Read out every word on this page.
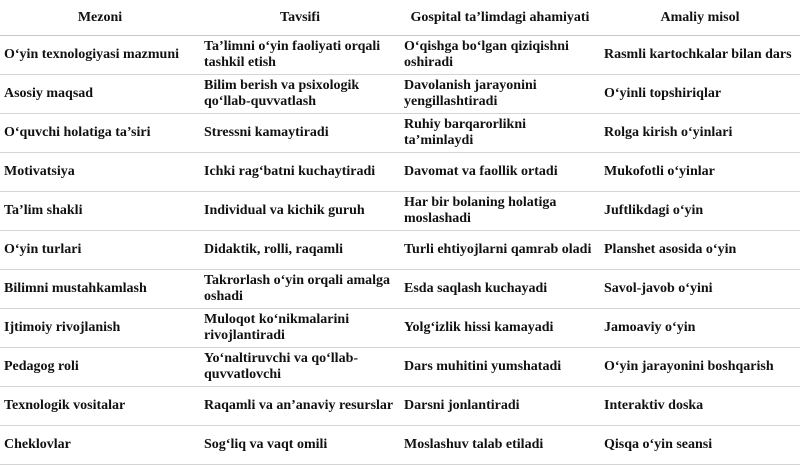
Mezoni	Tavsifi	Gospital ta’limdagi ahamiyati	Amaliy misol
O‘yin texnologiyasi mazmuni	Ta’limni o‘yin faoliyati orqali tashkil etish	O‘qishga bo‘lgan qiziqishni oshiradi	Rasmli kartochkalar bilan dars
Asosiy maqsad	Bilim berish va psixologik qo‘llab-quvvatlash	Davolanish jarayonini yengillashtiradi	O‘yinli topshiriqlar
O‘quvchi holatiga ta’siri	Stressni kamaytiradi	Ruhiy barqarorlikni ta’minlaydi	Rolga kirish o‘yinlari
Motivatsiya	Ichki rag‘batni kuchaytiradi	Davomat va faollik ortadi	Mukofotli o‘yinlar
Ta’lim shakli	Individual va kichik guruh	Har bir bolaning holatiga moslashadi	Juftlikdagi o‘yin
O‘yin turlari	Didaktik, rolli, raqamli	Turli ehtiyojlarni qamrab oladi	Planshet asosida o‘yin
Bilimni mustahkamlash	Takrorlash o‘yin orqali amalga oshadi	Esda saqlash kuchayadi	Savol-javob o‘yini
Ijtimoiy rivojlanish	Muloqot ko‘nikmalarini rivojlantiradi	Yolg‘izlik hissi kamayadi	Jamoaviy o‘yin
Pedagog roli	Yo‘naltiruvchi va qo‘llab-quvvatlovchi	Dars muhitini yumshatadi	O‘yin jarayonini boshqarish
Texnologik vositalar	Raqamli va an’anaviy resurslar	Darsni jonlantiradi	Interaktiv doska
Cheklovlar	Sog‘liq va vaqt omili	Moslashuv talab etiladi	Qisqa o‘yin seansi
